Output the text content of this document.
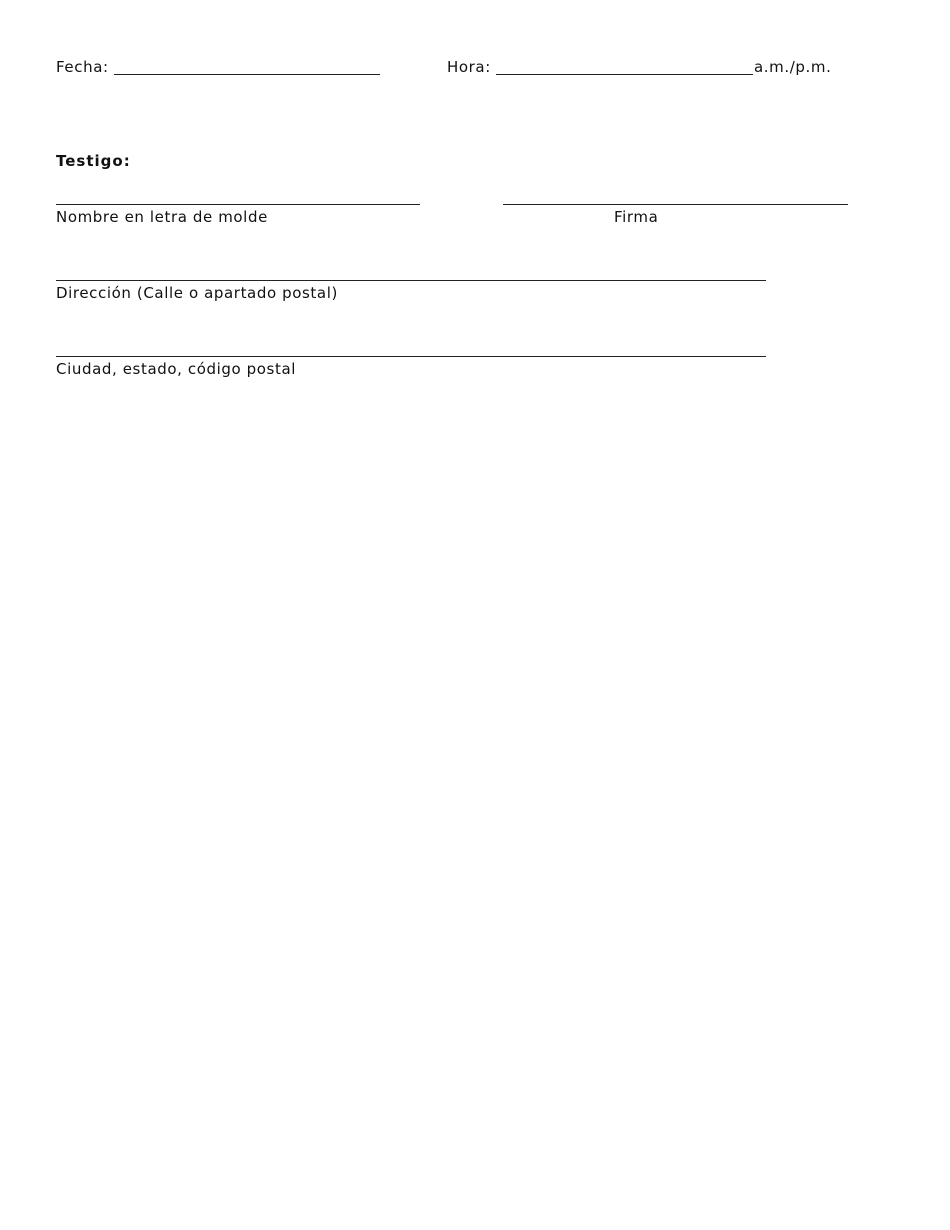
Fecha:	Hora:	a.m./p.m.
Testigo:
Nombre en letra de molde	Firma
Dirección (Calle o apartado postal)
Ciudad, estado, código postal
